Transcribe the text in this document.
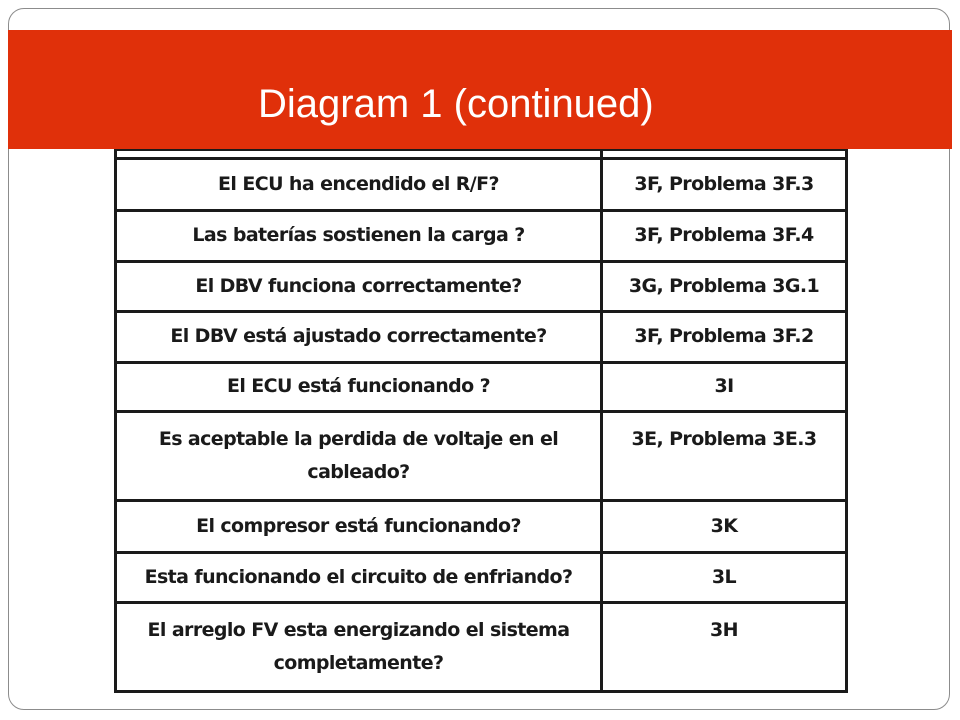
El ECU ha encendido el R/F?	3F, Problema 3F.3
Las baterías sostienen la carga ?	3F, Problema 3F.4
El DBV funciona correctamente?	3G, Problema 3G.1
El DBV está ajustado correctamente?	3F, Problema 3F.2
El ECU está funcionando ?	3I
Es aceptable la perdida de voltaje en el cableado?	3E, Problema 3E.3
El compresor está funcionando?	3K
Esta funcionando el circuito de enfriando?	3L
El arreglo FV esta energizando el sistema completamente?	3H
Diagram 1 (continued)
